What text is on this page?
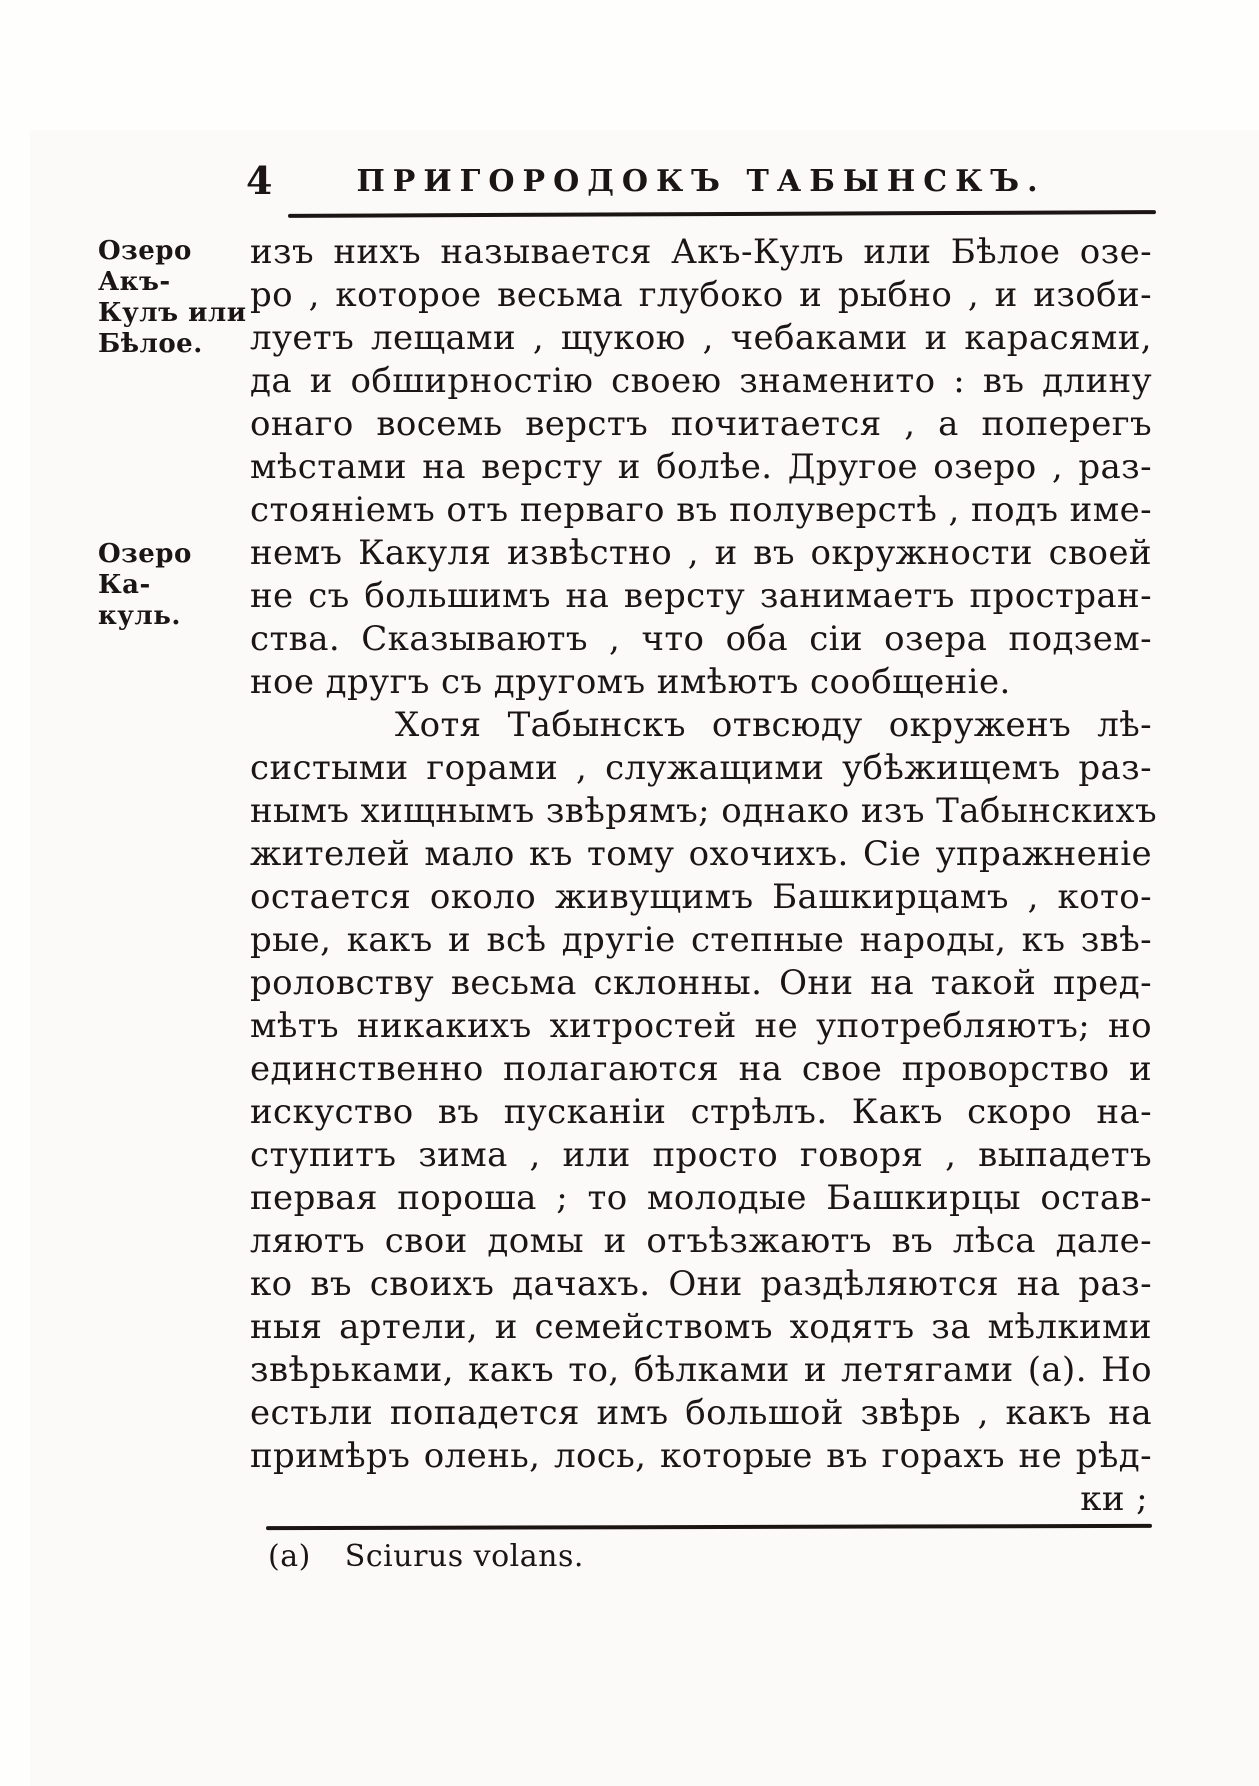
4	ПРИГОРОДОКЪ ТАБЫНСКЪ.
Озеро Акъ-
Кулъ или
Бѣлое.
Озеро Ка-
куль.
изъ нихъ называется Акъ-Кулъ или Бѣлое озе-
ро , которое весьма глубоко и рыбно , и изоби-
луетъ лещами , щукою , чебаками и карасями,
да и обширностію своею знаменито : въ длину
онаго восемь верстъ почитается , а поперегъ
мѣстами на версту и болѣе. Другое озеро , раз-
стояніемъ отъ перваго въ полуверстѣ , подъ име-
немъ Какуля извѣстно , и въ окружности своей
не съ большимъ на версту занимаетъ простран-
ства. Сказываютъ , что оба сіи озера подзем-
ное другъ съ другомъ имѣютъ сообщеніе.
Хотя Табынскъ отвсюду окруженъ лѣ-
систыми горами , служащими убѣжищемъ раз-
нымъ хищнымъ звѣрямъ; однако изъ Табынскихъ
жителей мало къ тому охочихъ. Сіе упражненіе
остается около живущимъ Башкирцамъ , кото-
рые, какъ и всѣ другіе степные народы, къ звѣ-
роловству весьма склонны. Они на такой пред-
мѣтъ никакихъ хитростей не употребляютъ; но
единственно полагаются на свое проворство и
искуство въ пусканіи стрѣлъ. Какъ скоро на-
ступитъ зима , или просто говоря , выпадетъ
первая пороша ; то молодые Башкирцы остав-
ляютъ свои домы и отъѣзжаютъ въ лѣса дале-
ко въ своихъ дачахъ. Они раздѣляются на раз-
ныя артели, и семействомъ ходятъ за мѣлкими
звѣрьками, какъ то, бѣлками и летягами (а). Но
естьли попадется имъ большой звѣрь , какъ на
примѣръ олень, лось, которые въ горахъ не рѣд-
ки ;
(a) Sciurus volans.
